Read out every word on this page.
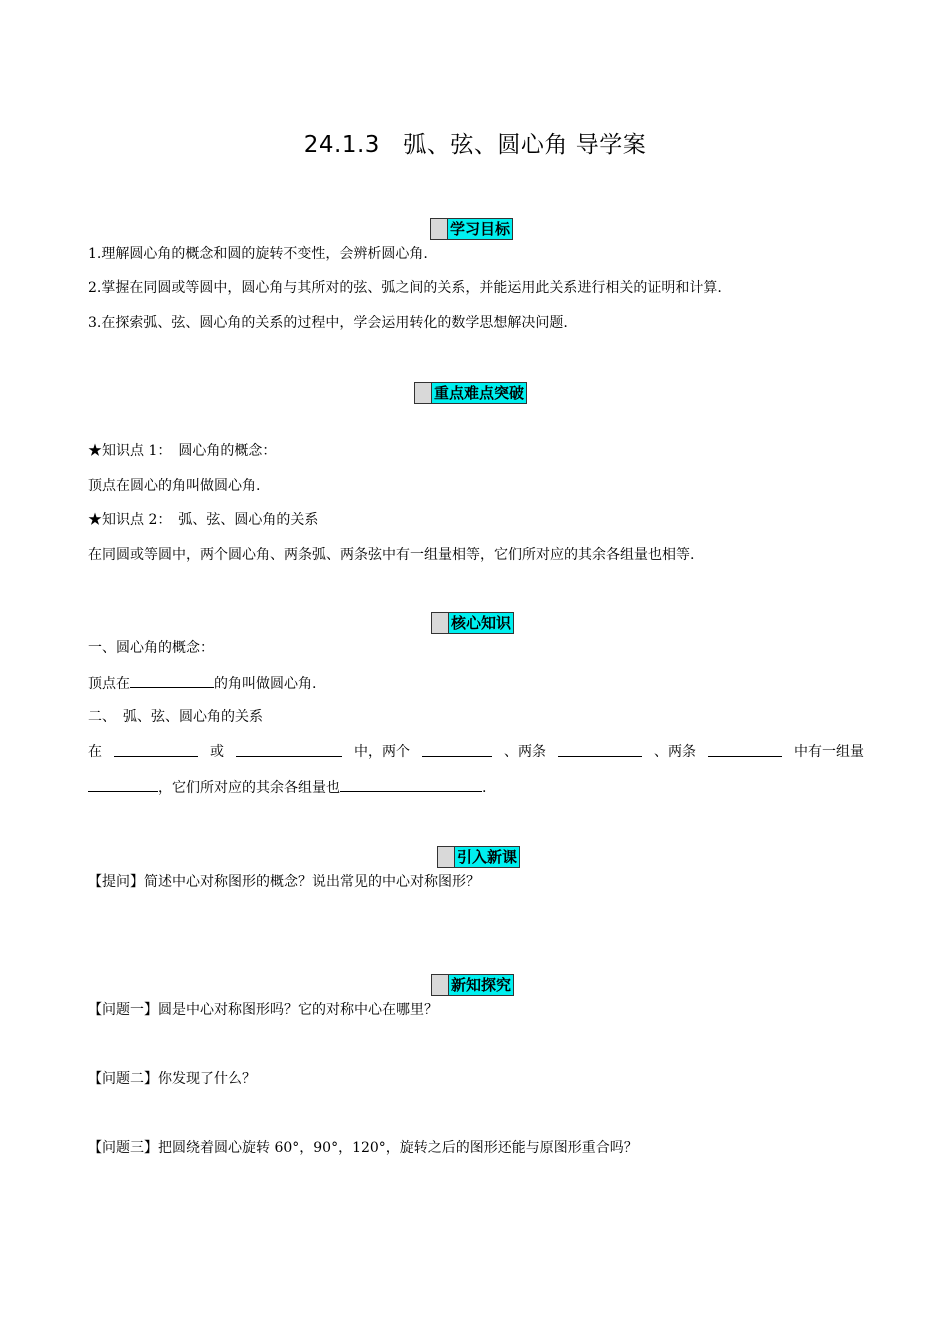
24.1.3　弧、弦、圆心角 导学案
学习目标
1.理解圆心角的概念和圆的旋转不变性，会辨析圆心角.
2.掌握在同圆或等圆中，圆心角与其所对的弦、弧之间的关系，并能运用此关系进行相关的证明和计算.
3.在探索弧、弦、圆心角的关系的过程中，学会运用转化的数学思想解决问题.
重点难点突破
★知识点 1：　圆心角的概念：
顶点在圆心的角叫做圆心角.
★知识点 2：　弧、弦、圆心角的关系
在同圆或等圆中，两个圆心角、两条弧、两条弦中有一组量相等，它们所对应的其余各组量也相等.
核心知识
一、圆心角的概念：
顶点在	的角叫做圆心角.
二、　弧、弦、圆心角的关系
在	或	中，两个	、两条	、两条	中有一组量
，它们所对应的其余各组量也	.
引入新课
【提问】简述中心对称图形的概念？说出常见的中心对称图形？
新知探究
【问题一】圆是中心对称图形吗？它的对称中心在哪里？
【问题二】你发现了什么？
【问题三】把圆绕着圆心旋转 60°，90°，120°，旋转之后的图形还能与原图形重合吗？
